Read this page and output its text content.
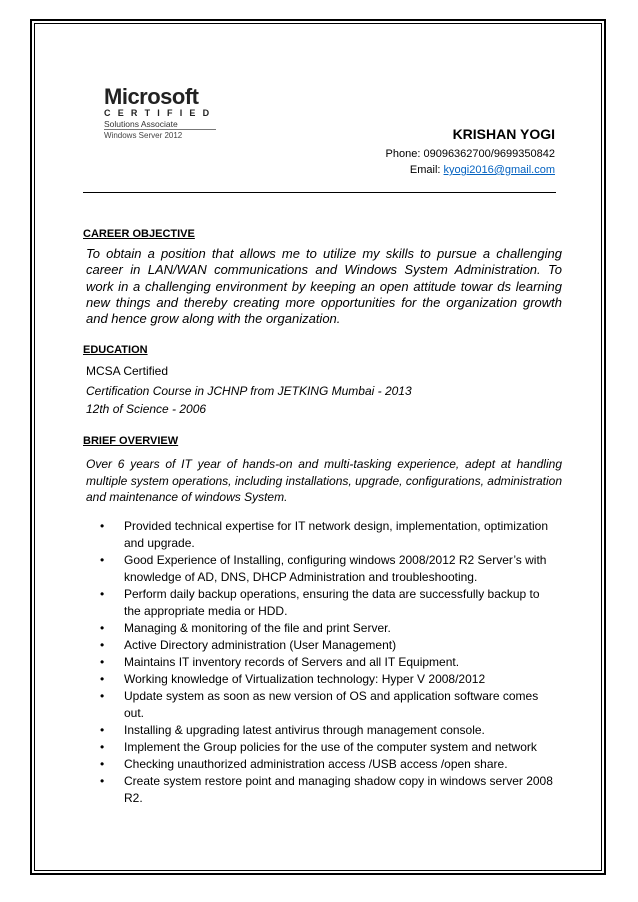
Microsoft
CERTIFIED
Solutions Associate
Windows Server 2012	KRISHAN YOGI
Phone: 09096362700/9699350842
Email: kyogi2016@gmail.com
CAREER OBJECTIVE
To obtain a position that allows me to utilize my skills to pursue a challenging career in LAN/WAN communications and Windows System Administration. To work in a challenging environment by keeping an open attitude towar ds learning new things and thereby creating more opportunities for the organization growth and hence grow along with the organization.
EDUCATION
MCSA Certified
Certification Course in JCHNP from JETKING Mumbai - 2013
12th of Science - 2006
BRIEF OVERVIEW
Over 6 years of IT year of hands-on and multi-tasking experience, adept at handling multiple system operations, including installations, upgrade, configurations, administration and maintenance of windows System.
• Provided technical expertise for IT network design, implementation, optimization and upgrade.
• Good Experience of Installing, configuring windows 2008/2012 R2 Server’s with knowledge of AD, DNS, DHCP Administration and troubleshooting.
• Perform daily backup operations, ensuring the data are successfully backup to the appropriate media or HDD.
• Managing & monitoring of the file and print Server.
• Active Directory administration (User Management)
• Maintains IT inventory records of Servers and all IT Equipment.
• Working knowledge of Virtualization technology: Hyper V 2008/2012
• Update system as soon as new version of OS and application software comes out.
• Installing & upgrading latest antivirus through management console.
• Implement the Group policies for the use of the computer system and network
• Checking unauthorized administration access /USB access /open share.
• Create system restore point and managing shadow copy in windows server 2008 R2.
